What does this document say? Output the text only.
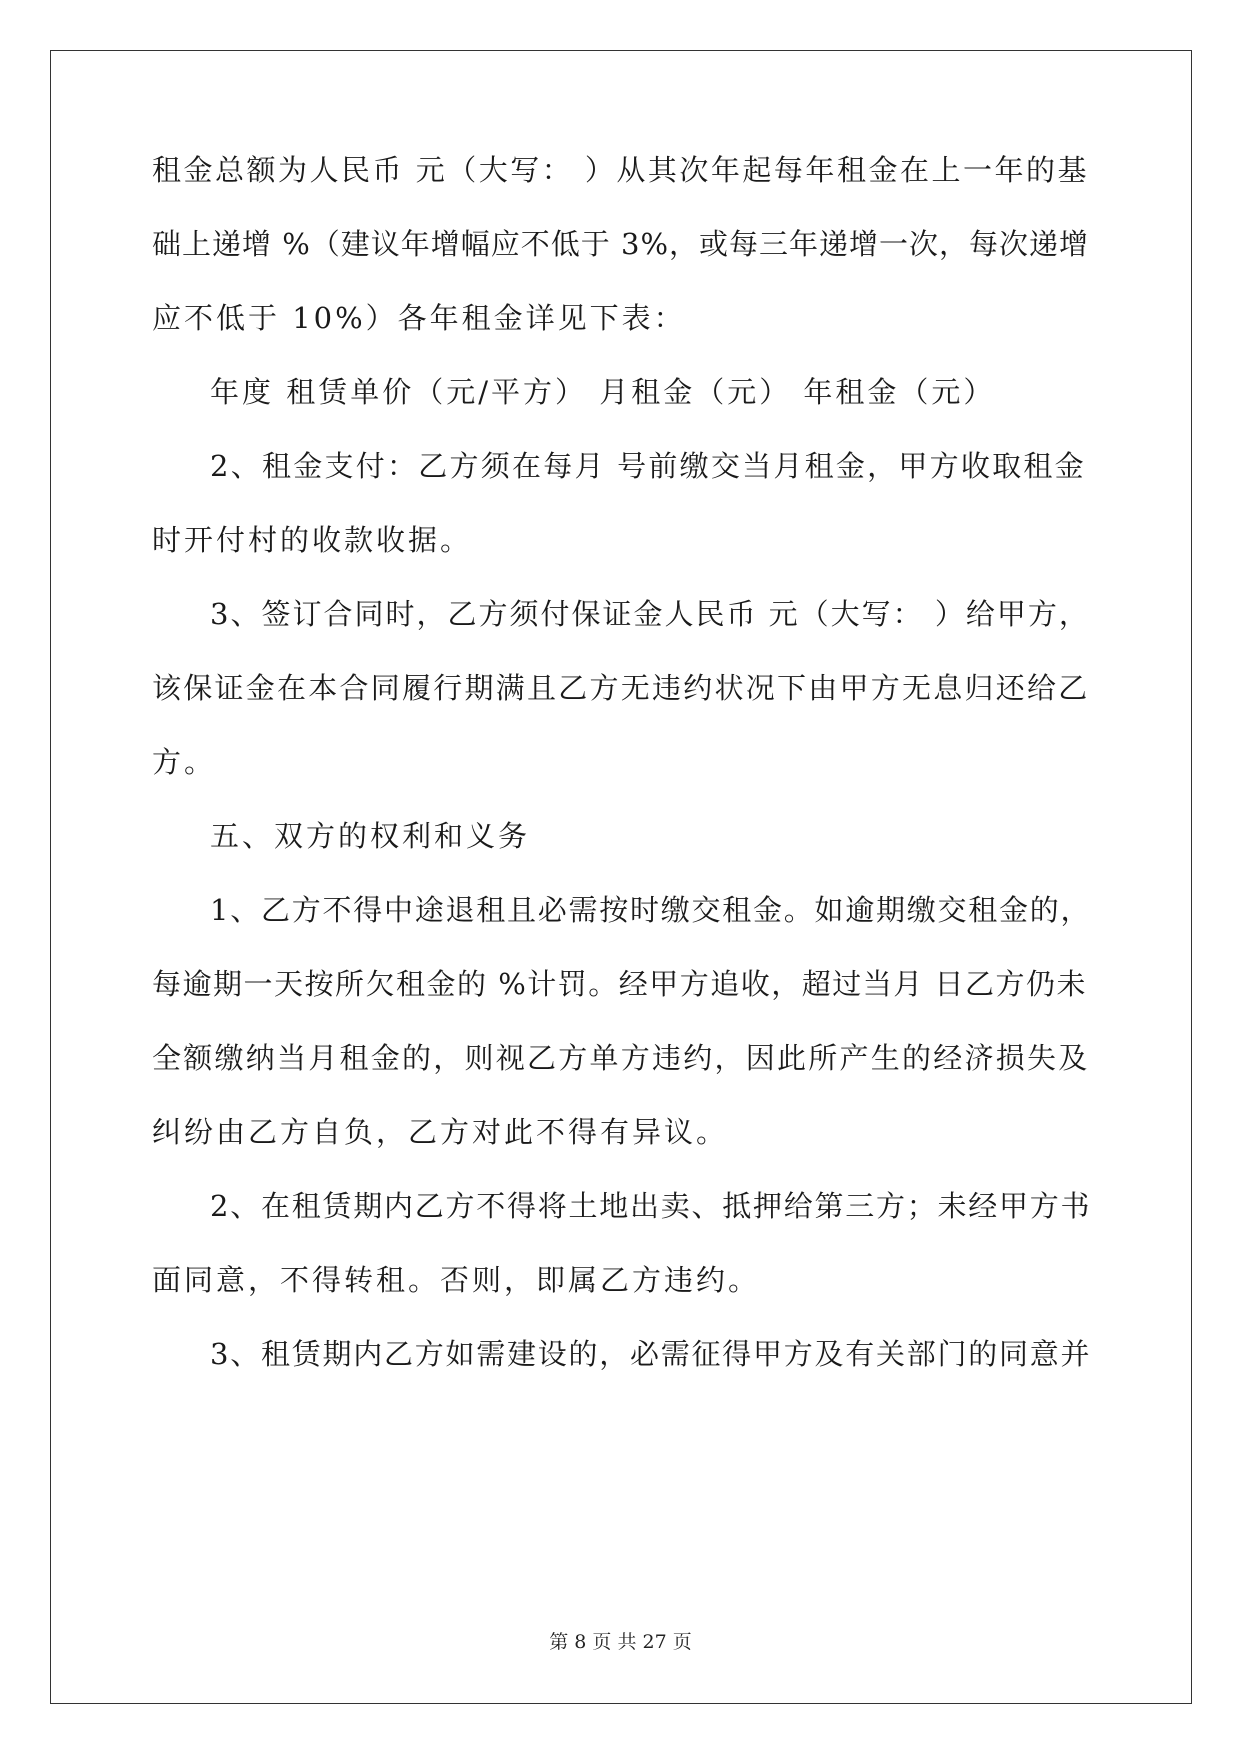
租金总额为人民币 元（大写： ）从其次年起每年租金在上一年的基
础上递增 %（建议年增幅应不低于 3%，或每三年递增一次，每次递增
应不低于 10%）各年租金详见下表：
年度 租赁单价（元/平方） 月租金（元） 年租金（元）
2、租金支付：乙方须在每月 号前缴交当月租金，甲方收取租金
时开付村的收款收据。
3、签订合同时，乙方须付保证金人民币 元（大写： ）给甲方，
该保证金在本合同履行期满且乙方无违约状况下由甲方无息归还给乙
方。
五、双方的权利和义务
1、乙方不得中途退租且必需按时缴交租金。如逾期缴交租金的，
每逾期一天按所欠租金的 %计罚。经甲方追收，超过当月 日乙方仍未
全额缴纳当月租金的，则视乙方单方违约，因此所产生的经济损失及
纠纷由乙方自负，乙方对此不得有异议。
2、在租赁期内乙方不得将土地出卖、抵押给第三方；未经甲方书
面同意，不得转租。否则，即属乙方违约。
3、租赁期内乙方如需建设的，必需征得甲方及有关部门的同意并
第 8 页 共 27 页
